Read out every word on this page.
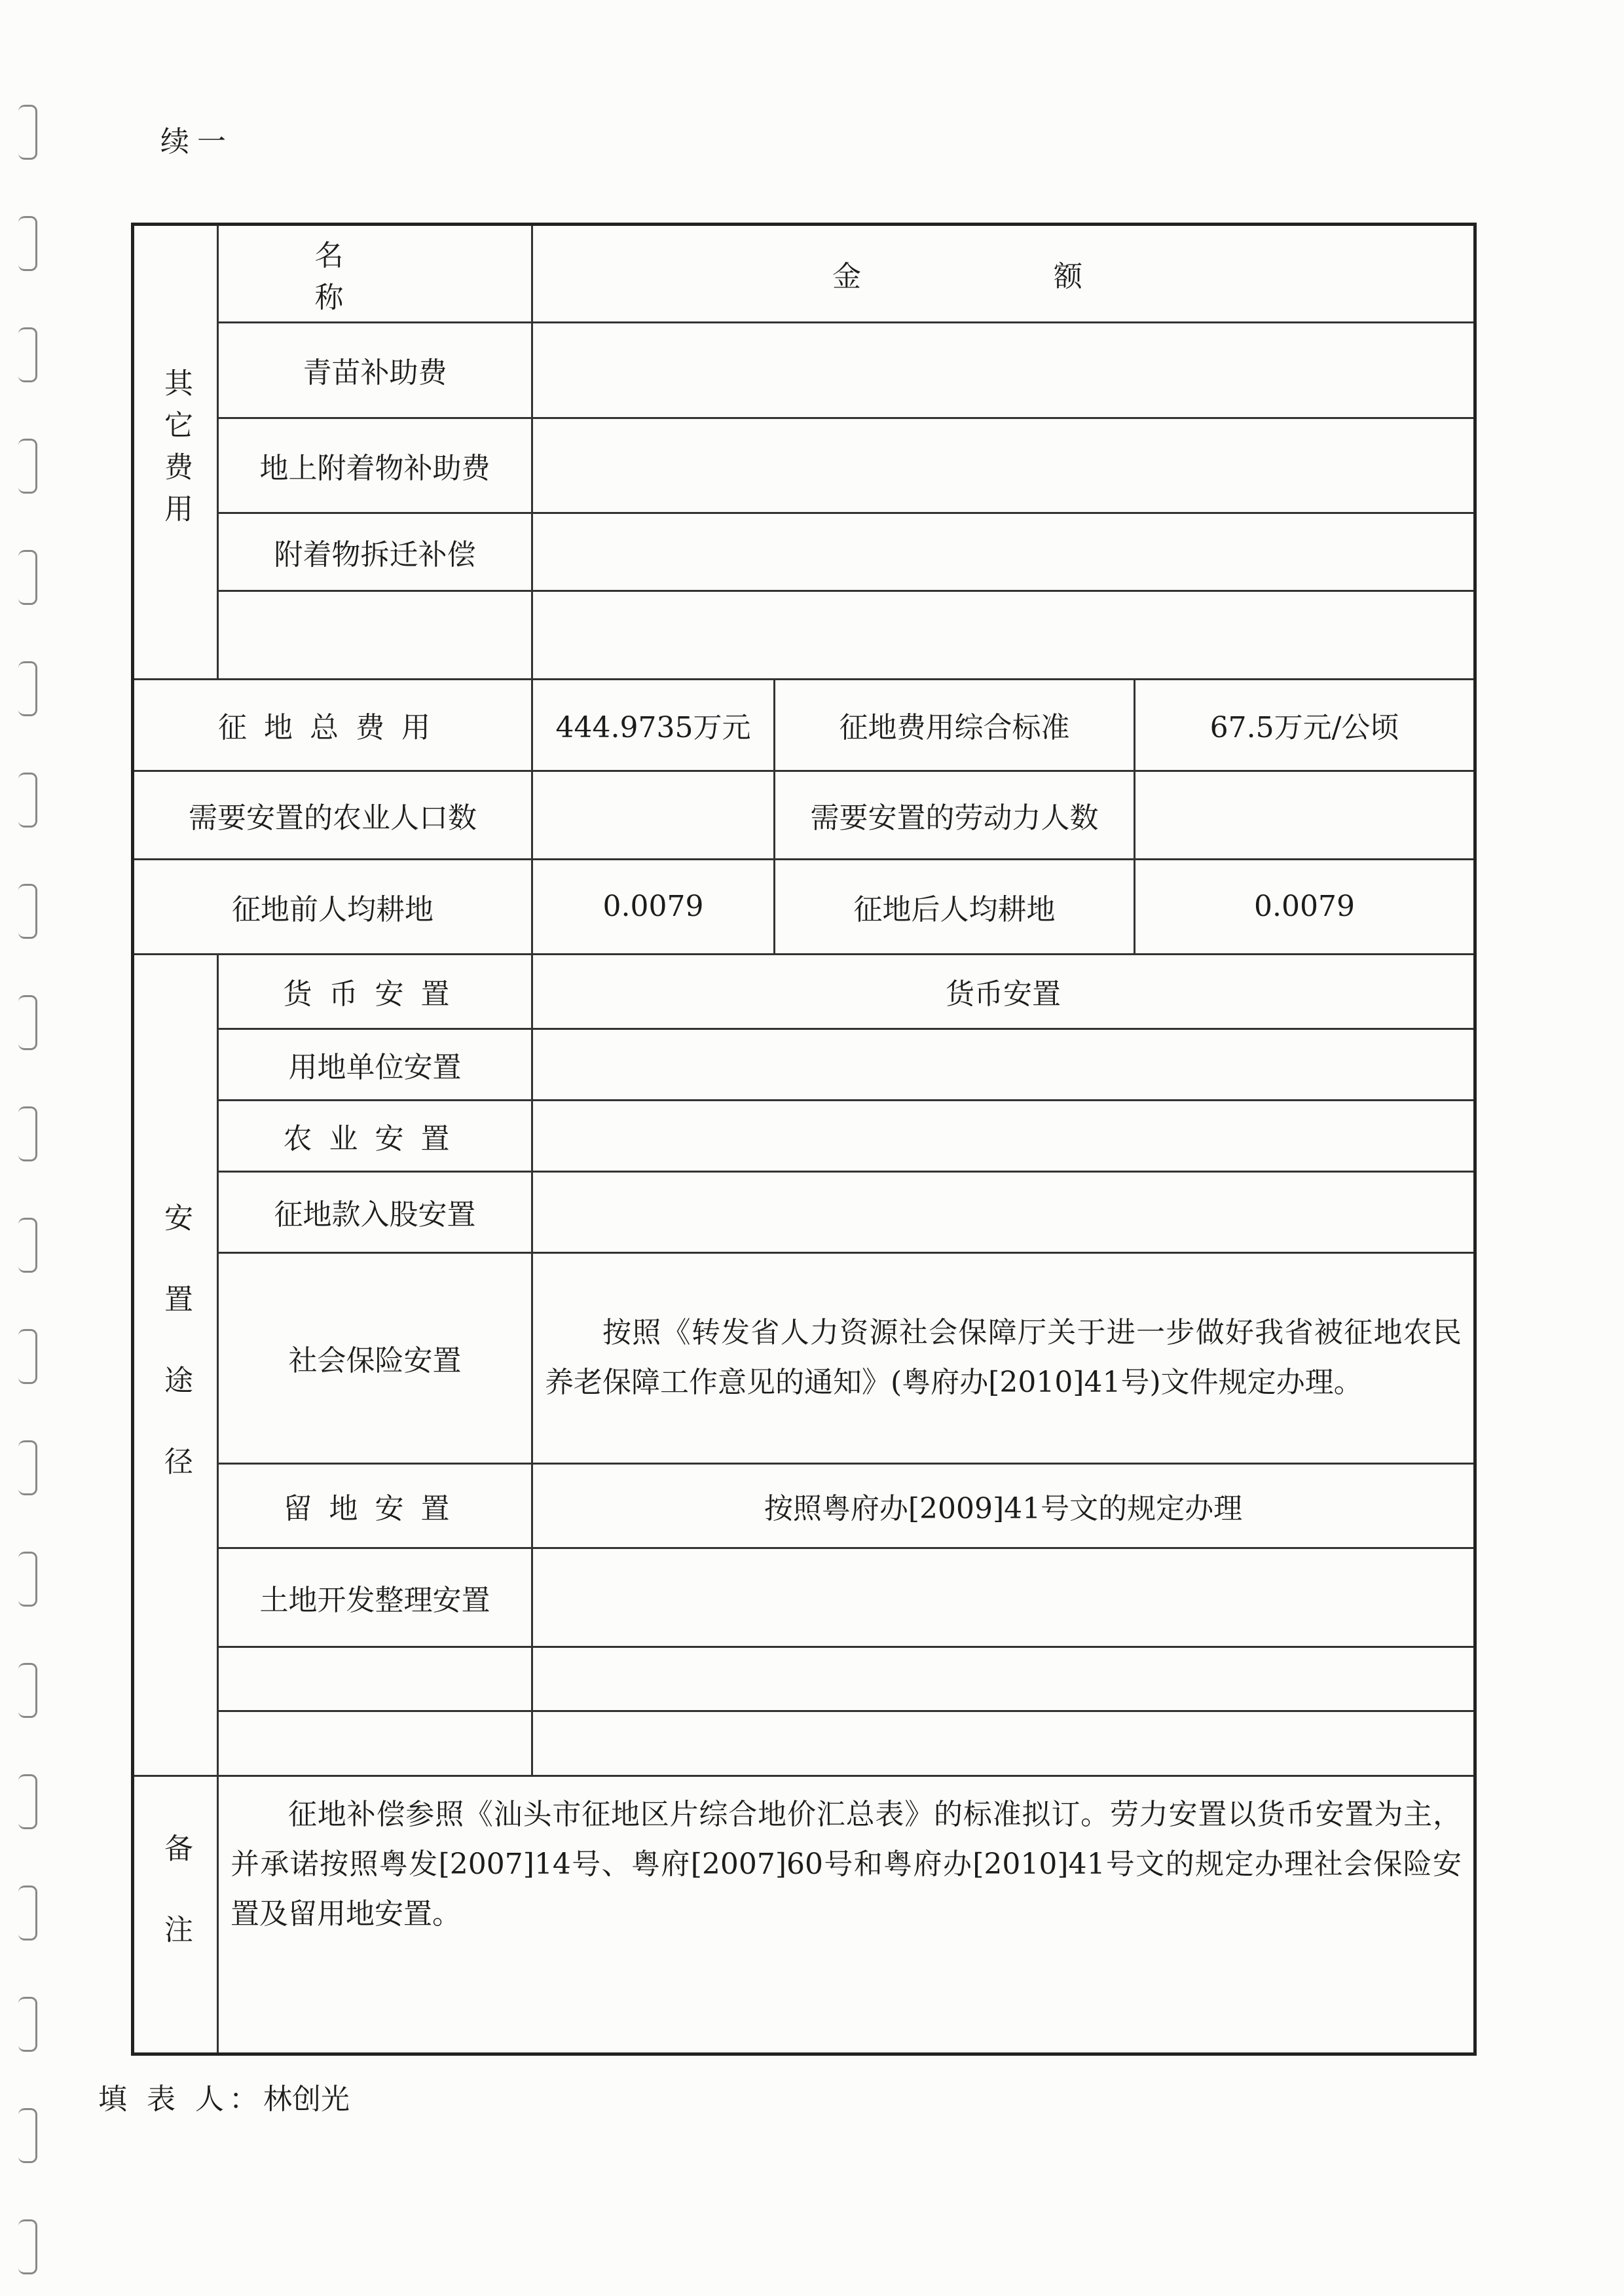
续一
其它费用	名 称	金 额		
	青苗补助费			
	地上附着物补助费			
	附着物拆迁补偿			

征地总费用		444.9735万元	征地费用综合标准	67.5万元/公顷
需要安置的农业人口数			需要安置的劳动力人数	
征地前人均耕地		0.0079	征地后人均耕地	0.0079
安置途径	货币安置	货币安置		
	用地单位安置			
	农业安置			
	征地款入股安置			
	社会保险安置	按照《转发省人力资源社会保障厅关于进一步做好我省被征地农民养老保障工作意见的通知》(粤府办[2010]41号)文件规定办理。		
	留地安置	按照粤府办[2009]41号文的规定办理		
	土地开发整理安置			

备注	征地补偿参照《汕头市征地区片综合地价汇总表》的标准拟订。劳力安置以货币安置为主，并承诺按照粤发[2007]14号、粤府[2007]60号和粤府办[2010]41号文的规定办理社会保险安置及留用地安置。			
填 表 人：林创光
